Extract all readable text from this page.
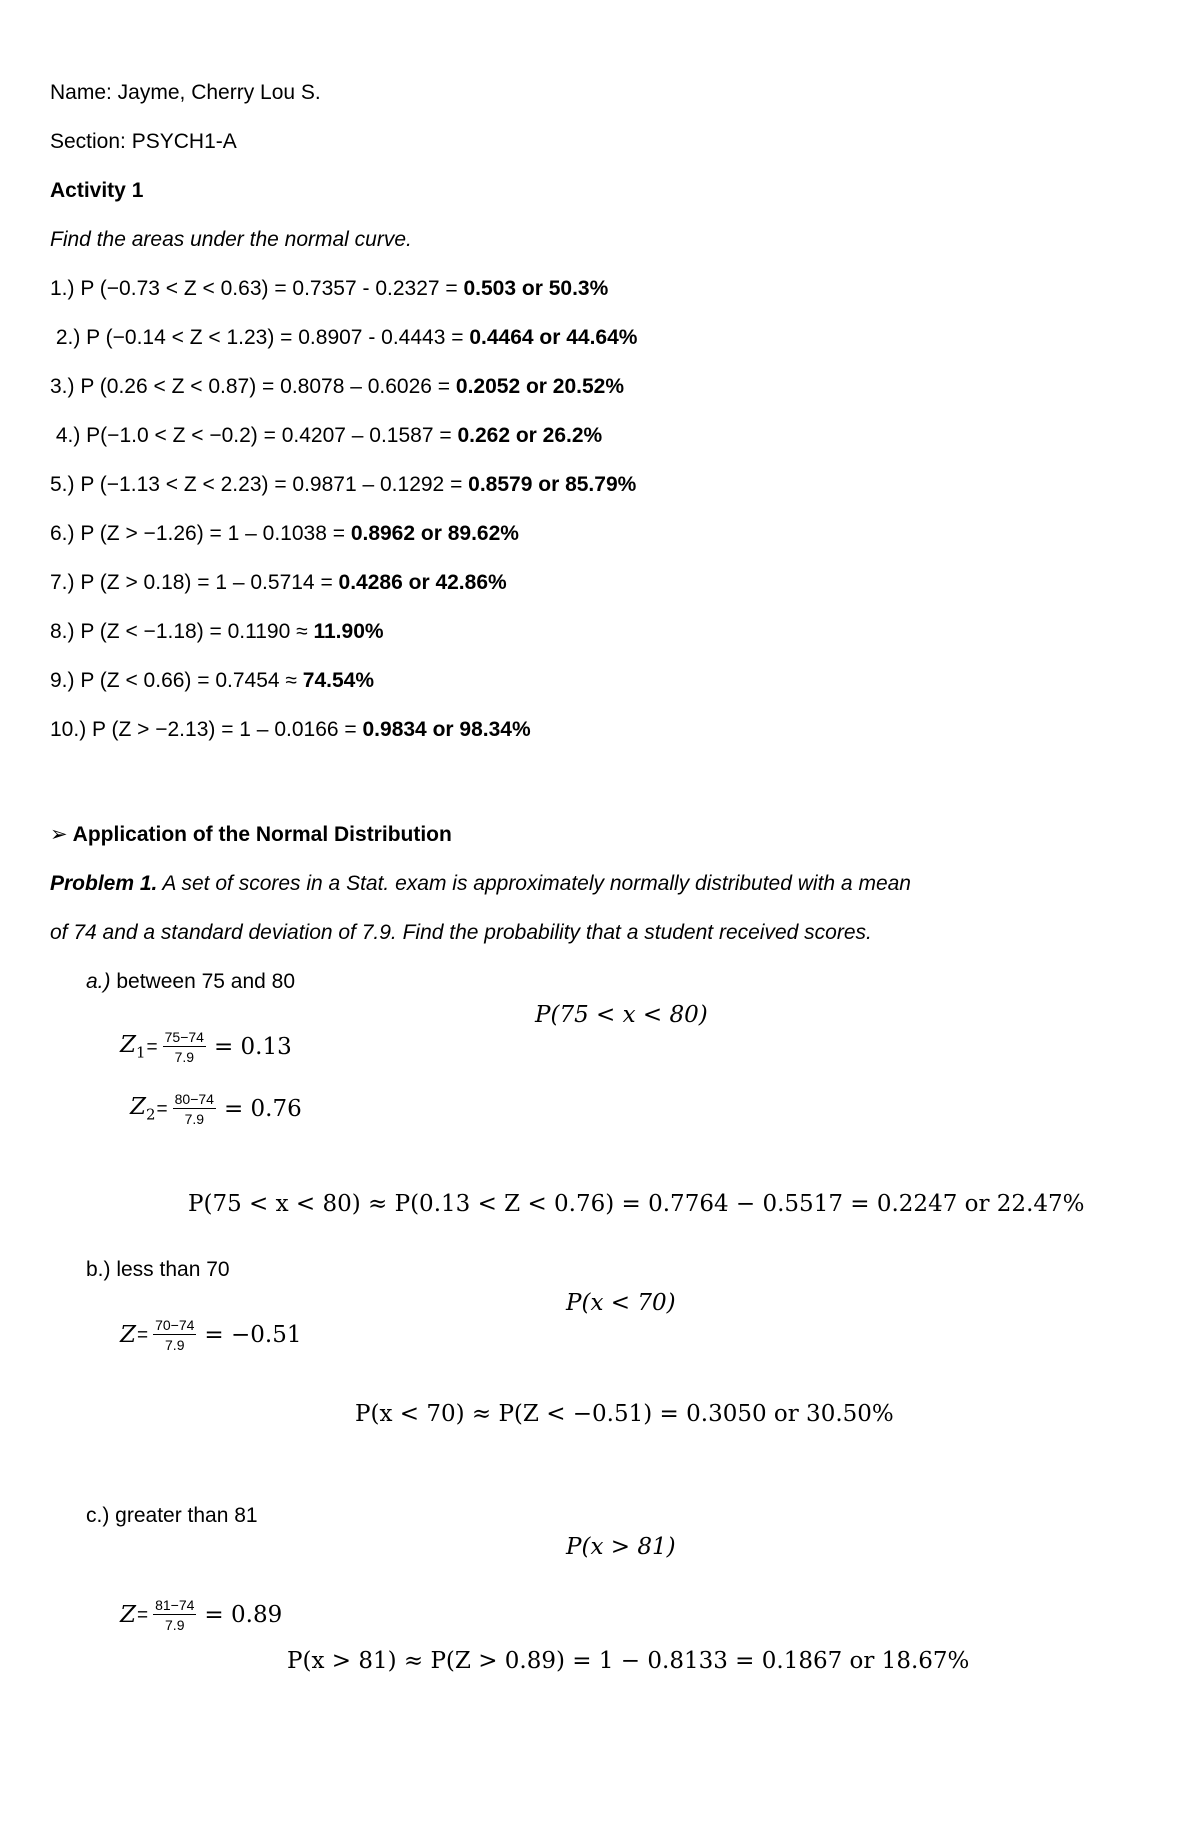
Name: Jayme, Cherry Lou S.
Section: PSYCH1-A
Activity 1
Find the areas under the normal curve.
1.) P (−0.73 < Z < 0.63) = 0.7357 - 0.2327 = 0.503 or 50.3%
2.) P (−0.14 < Z < 1.23) = 0.8907 - 0.4443 = 0.4464 or 44.64%
3.) P (0.26 < Z < 0.87) = 0.8078 – 0.6026 = 0.2052 or 20.52%
4.) P(−1.0 < Z < −0.2) = 0.4207 – 0.1587 = 0.262 or 26.2%
5.) P (−1.13 < Z < 2.23) = 0.9871 – 0.1292 = 0.8579 or 85.79%
6.) P (Z > −1.26) = 1 – 0.1038 = 0.8962 or 89.62%
7.) P (Z > 0.18) = 1 – 0.5714 = 0.4286 or 42.86%
8.) P (Z < −1.18) = 0.1190 ≈ 11.90%
9.) P (Z < 0.66) = 0.7454 ≈ 74.54%
10.) P (Z > −2.13) = 1 – 0.0166 = 0.9834 or 98.34%
➢ Application of the Normal Distribution
Problem 1. A set of scores in a Stat. exam is approximately normally distributed with a mean
of 74 and a standard deviation of 7.9. Find the probability that a student received scores.
a.) between 75 and 80
P(75 < x < 80)
$Z_1 = \frac{75-74}{7.9} = 0.13$
$Z_2 = \frac{80-74}{7.9} = 0.76$
P(75 < x < 80) ≈ P(0.13 < Z < 0.76) = 0.7764 − 0.5517 = 0.2247 or 22.47%
b.) less than 70
P(x < 70)
$Z = \frac{70-74}{7.9} = -0.51$
P(x < 70) ≈ P(Z < −0.51) = 0.3050 or 30.50%
c.) greater than 81
P(x > 81)
$Z = \frac{81-74}{7.9} = 0.89$
P(x > 81) ≈ P(Z > 0.89) = 1 − 0.8133 = 0.1867 or 18.67%
